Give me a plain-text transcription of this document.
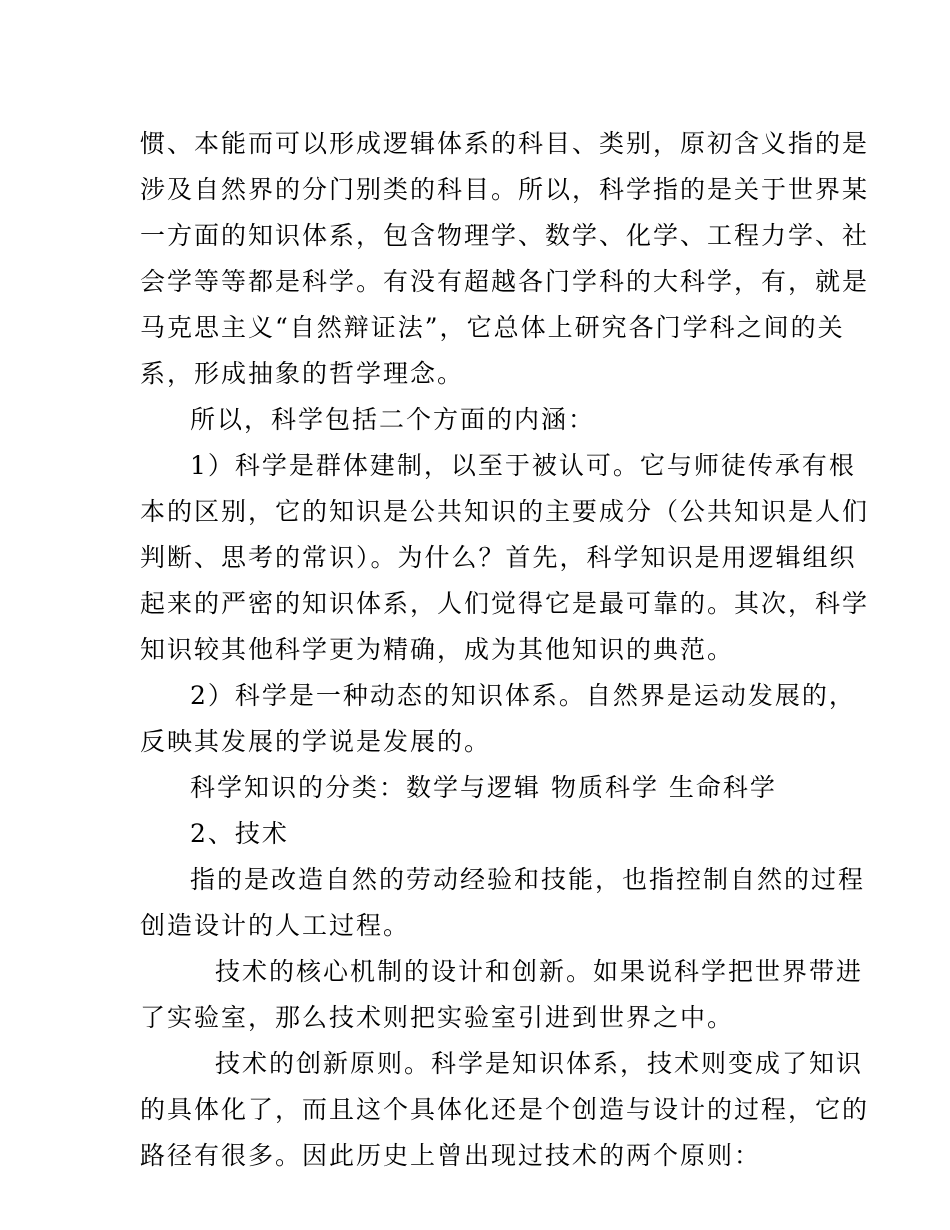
惯、本能而可以形成逻辑体系的科目、类别，原初含义指的是
涉及自然界的分门别类的科目。所以，科学指的是关于世界某
一方面的知识体系，包含物理学、数学、化学、工程力学、社
会学等等都是科学。有没有超越各门学科的大科学，有，就是
马克思主义“自然辩证法”，它总体上研究各门学科之间的关
系，形成抽象的哲学理念。
所以，科学包括二个方面的内涵：
1）科学是群体建制，以至于被认可。它与师徒传承有根
本的区别，它的知识是公共知识的主要成分（公共知识是人们
判断、思考的常识）。为什么？首先，科学知识是用逻辑组织
起来的严密的知识体系，人们觉得它是最可靠的。其次，科学
知识较其他科学更为精确，成为其他知识的典范。
2）科学是一种动态的知识体系。自然界是运动发展的，
反映其发展的学说是发展的。
科学知识的分类：数学与逻辑 物质科学 生命科学
2、技术
指的是改造自然的劳动经验和技能，也指控制自然的过程
创造设计的人工过程。
技术的核心机制的设计和创新。如果说科学把世界带进
了实验室，那么技术则把实验室引进到世界之中。
技术的创新原则。科学是知识体系，技术则变成了知识
的具体化了，而且这个具体化还是个创造与设计的过程，它的
路径有很多。因此历史上曾出现过技术的两个原则：
